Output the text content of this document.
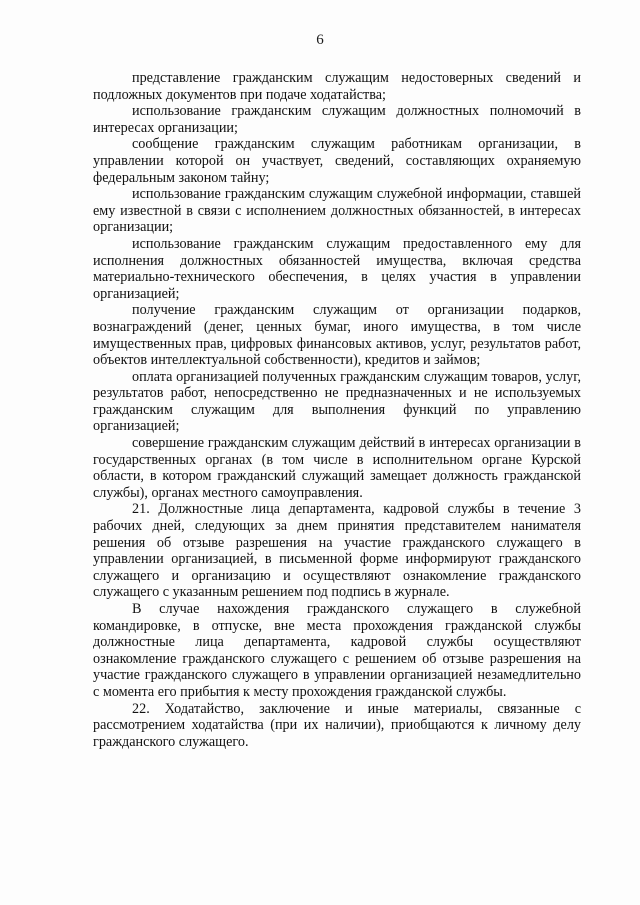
6

представление гражданским служащим недостоверных сведений и подложных документов при подаче ходатайства;

использование гражданским служащим должностных полномочий в интересах организации;

сообщение гражданским служащим работникам организации, в управлении которой он участвует, сведений, составляющих охраняемую федеральным законом тайну;

использование гражданским служащим служебной информации, ставшей ему известной в связи с исполнением должностных обязанностей, в интересах организации;

использование гражданским служащим предоставленного ему для исполнения должностных обязанностей имущества, включая средства материально-технического обеспечения, в целях участия в управлении организацией;

получение гражданским служащим от организации подарков, вознаграждений (денег, ценных бумаг, иного имущества, в том числе имущественных прав, цифровых финансовых активов, услуг, результатов работ, объектов интеллектуальной собственности), кредитов и займов;

оплата организацией полученных гражданским служащим товаров, услуг, результатов работ, непосредственно не предназначенных и не используемых гражданским служащим для выполнения функций по управлению организацией;

совершение гражданским служащим действий в интересах организации в государственных органах (в том числе в исполнительном органе Курской области, в котором гражданский служащий замещает должность гражданской службы), органах местного самоуправления.

21. Должностные лица департамента, кадровой службы в течение 3 рабочих дней, следующих за днем принятия представителем нанимателя решения об отзыве разрешения на участие гражданского служащего в управлении организацией, в письменной форме информируют гражданского служащего и организацию и осуществляют ознакомление гражданского служащего с указанным решением под подпись в журнале.

В случае нахождения гражданского служащего в служебной командировке, в отпуске, вне места прохождения гражданской службы должностные лица департамента, кадровой службы осуществляют ознакомление гражданского служащего с решением об отзыве разрешения на участие гражданского служащего в управлении организацией незамедлительно с момента его прибытия к месту прохождения гражданской службы.

22. Ходатайство, заключение и иные материалы, связанные с рассмотрением ходатайства (при их наличии), приобщаются к личному делу гражданского служащего.
